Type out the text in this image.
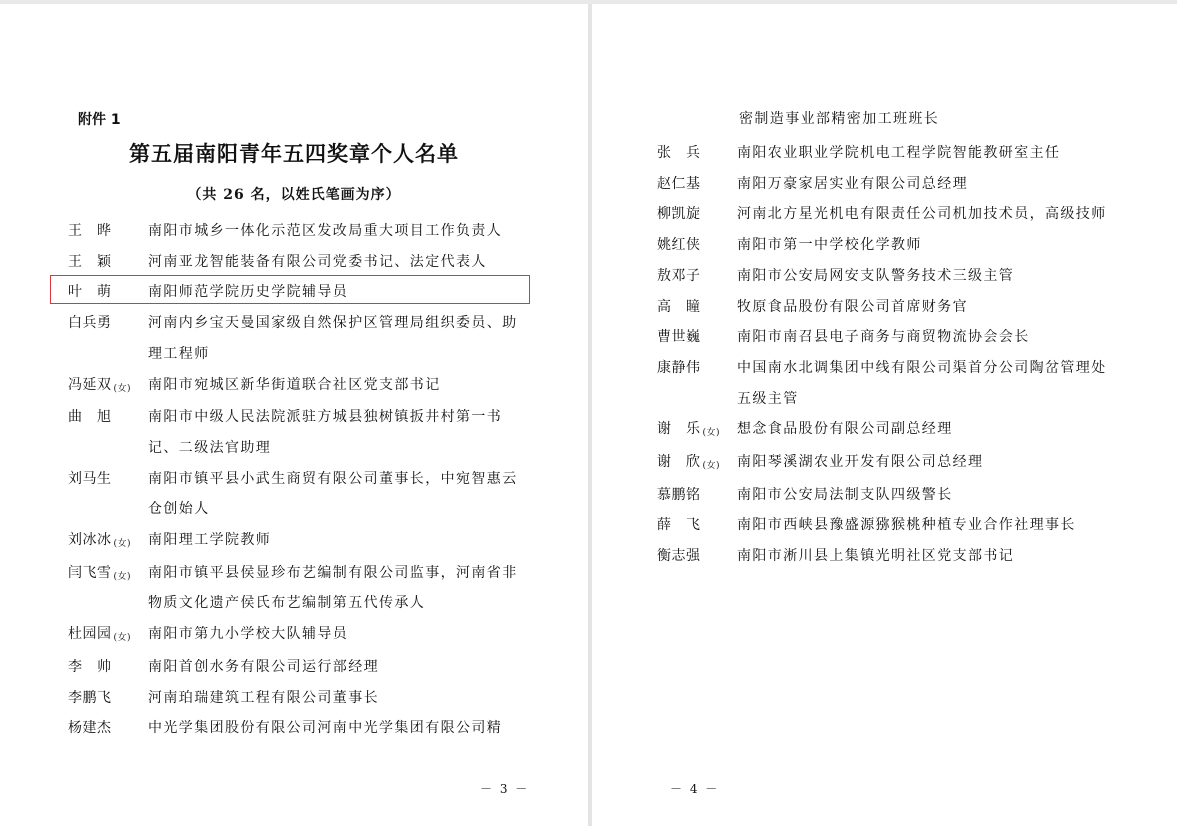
附件 1
第五届南阳青年五四奖章个人名单
（共 26 名，以姓氏笔画为序）
王　晔	南阳市城乡一体化示范区发改局重大项目工作负责人
王　颖	河南亚龙智能装备有限公司党委书记、法定代表人
叶　萌	南阳师范学院历史学院辅导员
白兵勇	河南内乡宝天曼国家级自然保护区管理局组织委员、助理工程师
冯延双 (女)	南阳市宛城区新华街道联合社区党支部书记
曲　旭	南阳市中级人民法院派驻方城县独树镇扳井村第一书记、二级法官助理
刘马生	南阳市镇平县小武生商贸有限公司董事长，中宛智惠云仓创始人
刘冰冰 (女)	南阳理工学院教师
闫飞雪 (女)	南阳市镇平县侯显珍布艺编制有限公司监事，河南省非物质文化遗产侯氏布艺编制第五代传承人
杜园园 (女)	南阳市第九小学校大队辅导员
李　帅	南阳首创水务有限公司运行部经理
李鹏飞	河南珀瑞建筑工程有限公司董事长
杨建杰	中光学集团股份有限公司河南中光学集团有限公司精
－ 3 －
密制造事业部精密加工班班长
张　兵	南阳农业职业学院机电工程学院智能教研室主任
赵仁基	南阳万豪家居实业有限公司总经理
柳凯旋	河南北方星光机电有限责任公司机加技术员，高级技师
姚红侠	南阳市第一中学校化学教师
敖邓子	南阳市公安局网安支队警务技术三级主管
高　瞳	牧原食品股份有限公司首席财务官
曹世巍	南阳市南召县电子商务与商贸物流协会会长
康静伟	中国南水北调集团中线有限公司渠首分公司陶岔管理处五级主管
谢　乐 (女)	想念食品股份有限公司副总经理
谢　欣 (女)	南阳琴溪湖农业开发有限公司总经理
慕鹏铭	南阳市公安局法制支队四级警长
薛　飞	南阳市西峡县豫盛源猕猴桃种植专业合作社理事长
衡志强	南阳市淅川县上集镇光明社区党支部书记
－ 4 －
